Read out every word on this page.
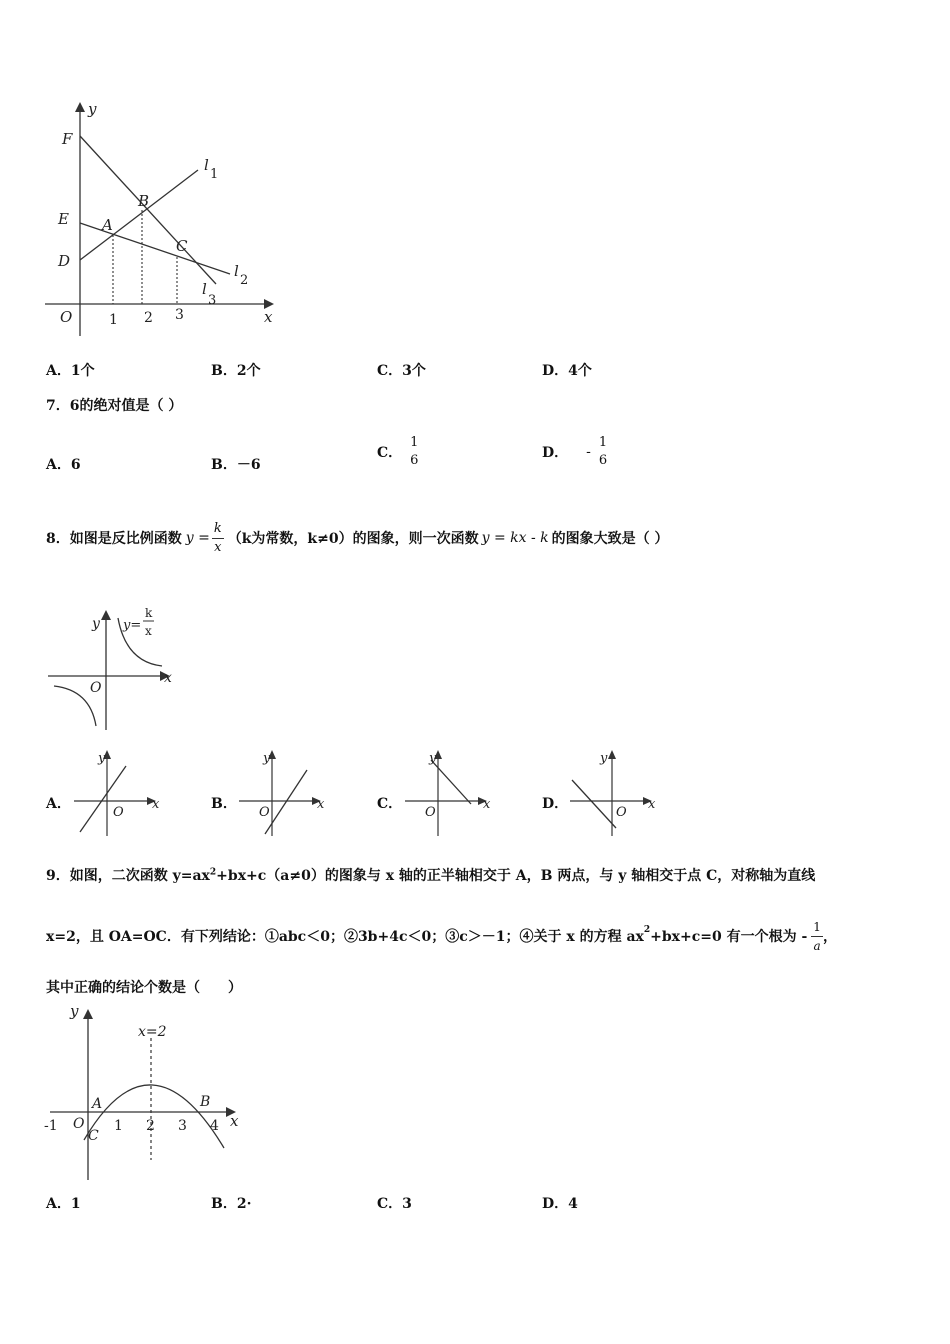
y
x
O
F
E
D
A
B
C
l
1
l
2
l
3
1 2 3
A．1个	B．2个	C．3个	D．4个
7．6的绝对值是（ ）
A．6	B．－6
C．
1
6	D． -
1
6
8．如图是反比例函数 $y = \frac{k}{x} (k$为常数，k≠0）的图象，则一次函数 y = kx - k 的图象大致是（ ）
y
x
O
y=
k
x
A．
y
x
O
B．
y
x
O
C．
y
x
O
D．
y
x
O
9．如图，二次函数 $y=ax^2+bx+c(a\ne 0)$的图象与 x 轴的正半轴相交于 A，B 两点，与 y 轴相交于点 C，对称轴为直线
x=2，且 OA=OC．有下列结论：①abc＜0；②3b+4c＜0；③c＞－1；④关于 x 的方程 $ax^2 +bx+c=0$ 有一个根为 - $\frac{1}{a}$ ，
其中正确的结论个数是（　　）
y
x
x=2
O
A	B
C
-1	1 2 3 4
A．1	B．2·	C．3	D．4
